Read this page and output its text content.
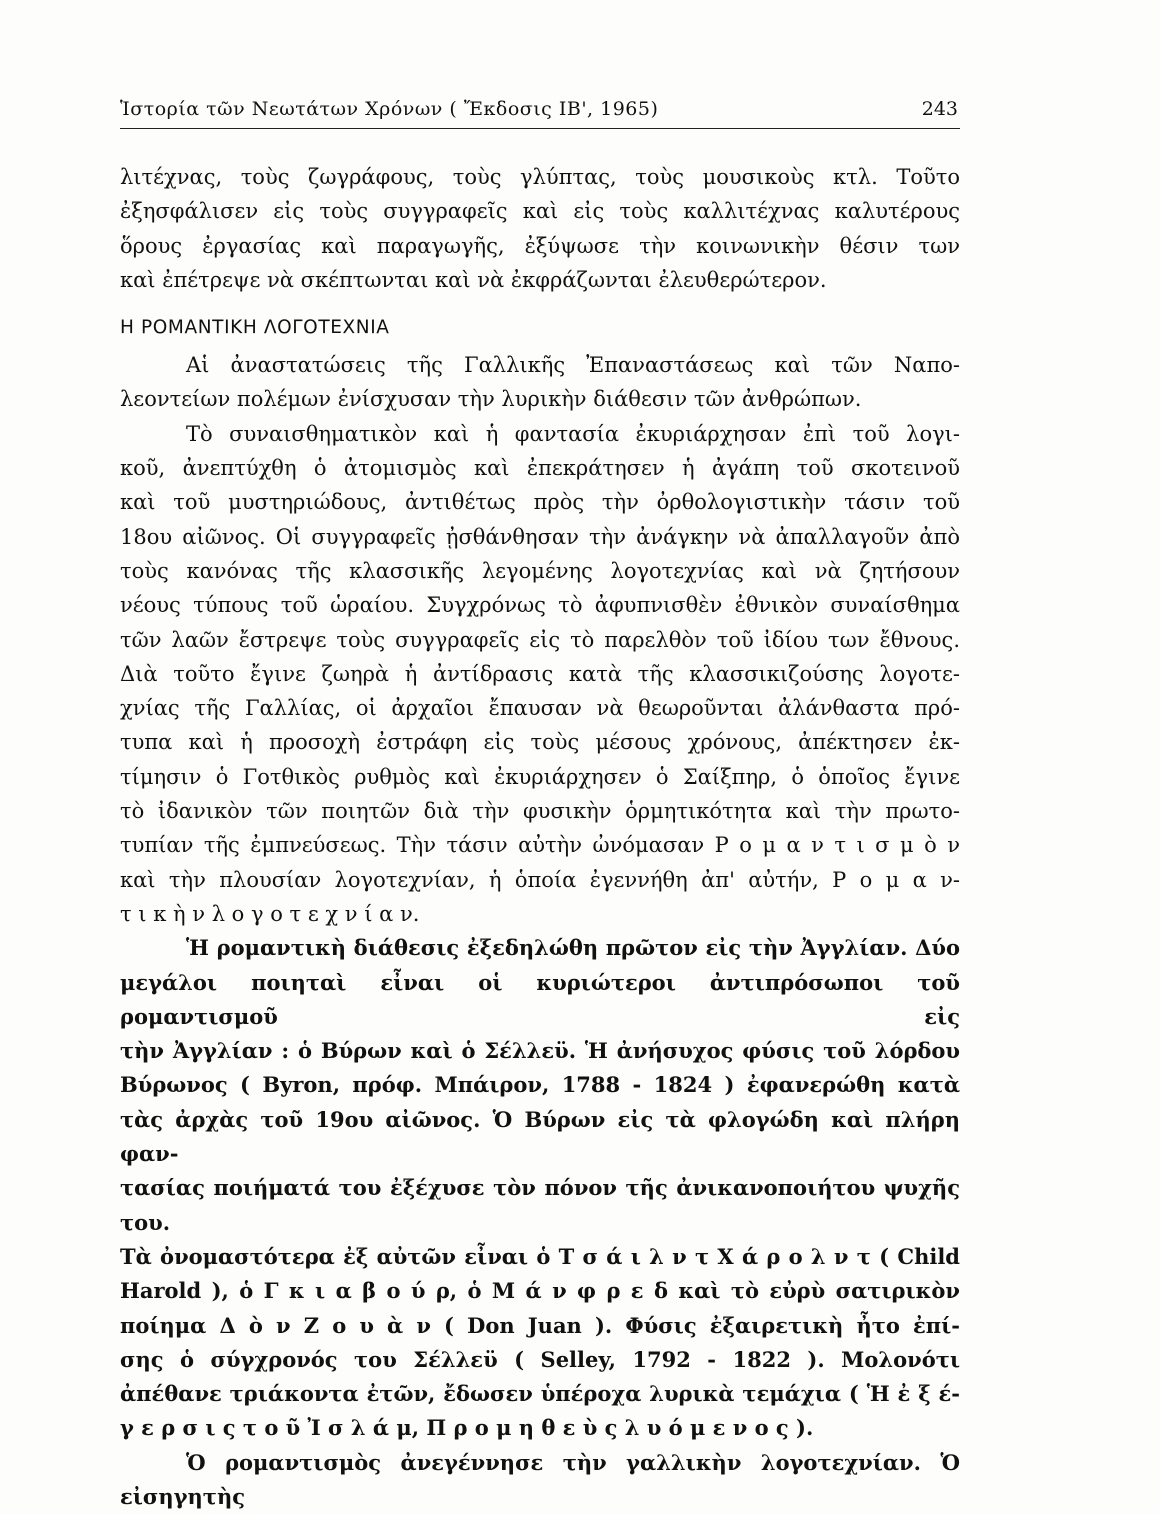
Ἱστορία τῶν Νεωτάτων Χρόνων ( Ἔκδοσις ΙΒ', 1965)	243

λιτέχνας, τοὺς ζωγράφους, τοὺς γλύπτας, τοὺς μουσικοὺς κτλ. Τοῦτο

ἐξησφάλισεν εἰς τοὺς συγγραφεῖς καὶ εἰς τοὺς καλλιτέχνας καλυτέρους

ὅρους ἐργασίας καὶ παραγωγῆς, ἐξύψωσε τὴν κοινωνικὴν θέσιν των

καὶ ἐπέτρεψε νὰ σκέπτωνται καὶ νὰ ἐκφράζωνται ἐλευθερώτερον.

Η ΡΟΜΑΝΤΙΚΗ ΛΟΓΟΤΕΧΝΙΑ

Αἱ ἀναστατώσεις τῆς Γαλλικῆς Ἐπαναστάσεως καὶ τῶν Ναπο-

λεοντείων πολέμων ἐνίσχυσαν τὴν λυρικὴν διάθεσιν τῶν ἀνθρώπων.

Τὸ συναισθηματικὸν καὶ ἡ φαντασία ἐκυριάρχησαν ἐπὶ τοῦ λογι-

κοῦ, ἀνεπτύχθη ὁ ἀτομισμὸς καὶ ἐπεκράτησεν ἡ ἀγάπη τοῦ σκοτεινοῦ

καὶ τοῦ μυστηριώδους, ἀντιθέτως πρὸς τὴν ὀρθολογιστικὴν τάσιν τοῦ

18ου αἰῶνος. Οἱ συγγραφεῖς ᾐσθάνθησαν τὴν ἀνάγκην νὰ ἀπαλλαγοῦν ἀπὸ

τοὺς κανόνας τῆς κλασσικῆς λεγομένης λογοτεχνίας καὶ νὰ ζητήσουν

νέους τύπους τοῦ ὡραίου. Συγχρόνως τὸ ἀφυπνισθὲν ἐθνικὸν συναίσθημα

τῶν λαῶν ἔστρεψε τοὺς συγγραφεῖς εἰς τὸ παρελθὸν τοῦ ἰδίου των ἔθνους.

Διὰ τοῦτο ἔγινε ζωηρὰ ἡ ἀντίδρασις κατὰ τῆς κλασσικιζούσης λογοτε-

χνίας τῆς Γαλλίας, οἱ ἀρχαῖοι ἔπαυσαν νὰ θεωροῦνται ἀλάνθαστα πρό-

τυπα καὶ ἡ προσοχὴ ἐστράφη εἰς τοὺς μέσους χρόνους, ἀπέκτησεν ἐκ-

τίμησιν ὁ Γοτθικὸς ρυθμὸς καὶ ἐκυριάρχησεν ὁ Σαίξπηρ, ὁ ὁποῖος ἔγινε

τὸ ἰδανικὸν τῶν ποιητῶν διὰ τὴν φυσικὴν ὁρμητικότητα καὶ τὴν πρωτο-

τυπίαν τῆς ἐμπνεύσεως. Τὴν τάσιν αὐτὴν ὠνόμασαν Ρ ο μ α ν τ ι σ μ ὸ ν

καὶ τὴν πλουσίαν λογοτεχνίαν, ἡ ὁποία ἐγεννήθη ἀπ' αὐτήν, Ρ ο μ α ν-

τ ι κ ὴ ν λ ο γ ο τ ε χ ν ί α ν.

Ἡ ρομαντικὴ διάθεσις ἐξεδηλώθη πρῶτον εἰς τὴν Ἀγγλίαν. Δύο

μεγάλοι ποιηταὶ εἶναι οἱ κυριώτεροι ἀντιπρόσωποι τοῦ ρομαντισμοῦ εἰς

τὴν Ἀγγλίαν : ὁ Βύρων καὶ ὁ Σέλλεϋ. Ἡ ἀνήσυχος φύσις τοῦ λόρδου

Βύρωνος ( Byron, πρόφ. Μπάιρον, 1788 - 1824 ) ἐφανερώθη κατὰ

τὰς ἀρχὰς τοῦ 19ου αἰῶνος. Ὁ Βύρων εἰς τὰ φλογώδη καὶ πλήρη φαν-

τασίας ποιήματά του ἐξέχυσε τὸν πόνον τῆς ἀνικανοποιήτου ψυχῆς του.

Τὰ ὀνομαστότερα ἐξ αὐτῶν εἶναι ὁ Τ σ ά ι λ ν τ Χ ά ρ ο λ ν τ ( Child

Harold ), ὁ Γ κ ι α β ο ύ ρ, ὁ Μ ά ν φ ρ ε δ καὶ τὸ εὐρὺ σατιρικὸν

ποίημα Δ ὸ ν Ζ ο υ ὰ ν ( Don Juan ). Φύσις ἐξαιρετικὴ ἦτο ἐπί-

σης ὁ σύγχρονός του Σέλλεϋ ( Selley, 1792 - 1822 ). Μολονότι

ἀπέθανε τριάκοντα ἐτῶν, ἔδωσεν ὑπέροχα λυρικὰ τεμάχια ( Ἡ ἐ ξ έ-

γ ε ρ σ ι ς τ ο ῦ Ἰ σ λ ά μ, Π ρ ο μ η θ ε ὺ ς λ υ ό μ ε ν ο ς ).

Ὁ ρομαντισμὸς ἀνεγέννησε τὴν γαλλικὴν λογοτεχνίαν. Ὁ εἰσηγητὴς
